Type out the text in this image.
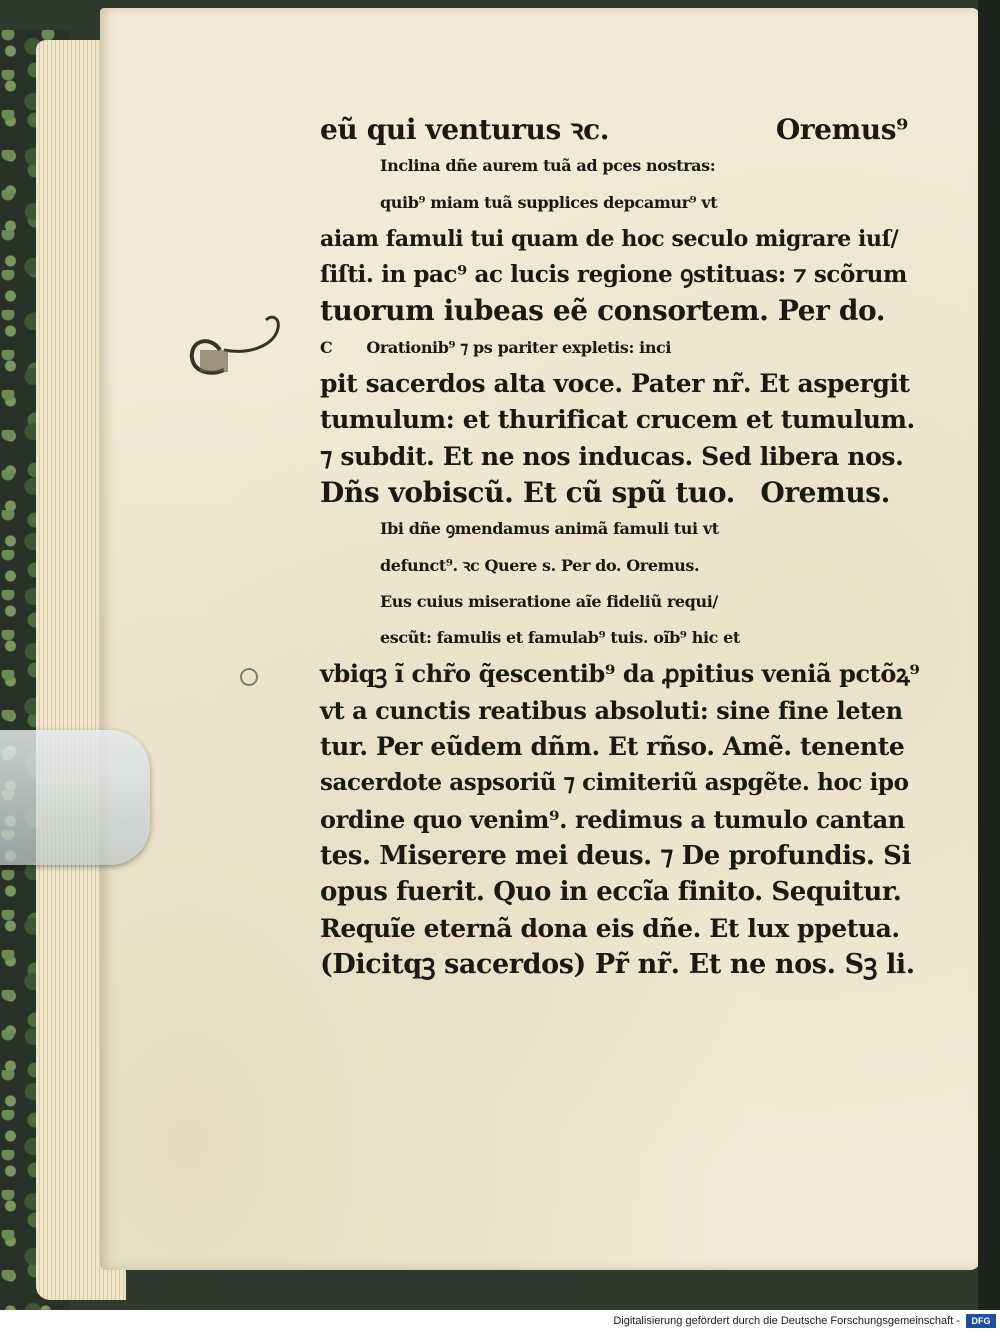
eũ qui venturus ꝛc.	Oremus⁹
Inclina dñe aurem tuã ad pces nostras:
quib⁹ miam tuã supplices depcamur⁹ vt
aiam famuli tui quam de hoc seculo migrare iuſ/
ſiſti. in pac⁹ ac lucis regione ꝯstituas: ⁊ scõrum
tuorum iubeas eẽ consortem. Per do.
C Orationib⁹ ⁊ ps pariter expletis: inci
pit sacerdos alta voce. Pater nr̃. Et aspergit
tumulum: et thurificat crucem et tumulum.
⁊ subdit. Et ne nos inducas. Sed libera nos.
Dñs vobiscũ. Et cũ spũ tuo. Oremus.
Ibi dñe ꝯmendamus animã famuli tui vt
defunct⁹. ꝛc Quere s. Per do. Oremus.
Eus cuius miseratione aĩe fideliũ requi/
escũt: famulis et famulab⁹ tuis. oĩb⁹ hic et
vbiqꝫ ĩ chr̃o q̃escentib⁹ da ꝓpitius veniã pctõꝝ⁹
vt a cunctis reatibus absoluti: sine fine leten
tur. Per eũdem dñm. Et rñso. Amẽ. tenente
sacerdote aspsoriũ ⁊ cimiteriũ aspgẽte. hoc ipo
ordine quo venim⁹. redimus a tumulo cantan
tes. Miserere mei deus. ⁊ De profundis. Si
opus fuerit. Quo in eccĩa finito. Sequitur.
Requĩe eternã dona eis dñe. Et lux ppetua.
(Dicitqꝫ sacerdos) Pr̃ nr̃. Et ne nos. Sꝫ li.
Digitalisierung gefördert durch die Deutsche Forschungsgemeinschaft -	DFG
